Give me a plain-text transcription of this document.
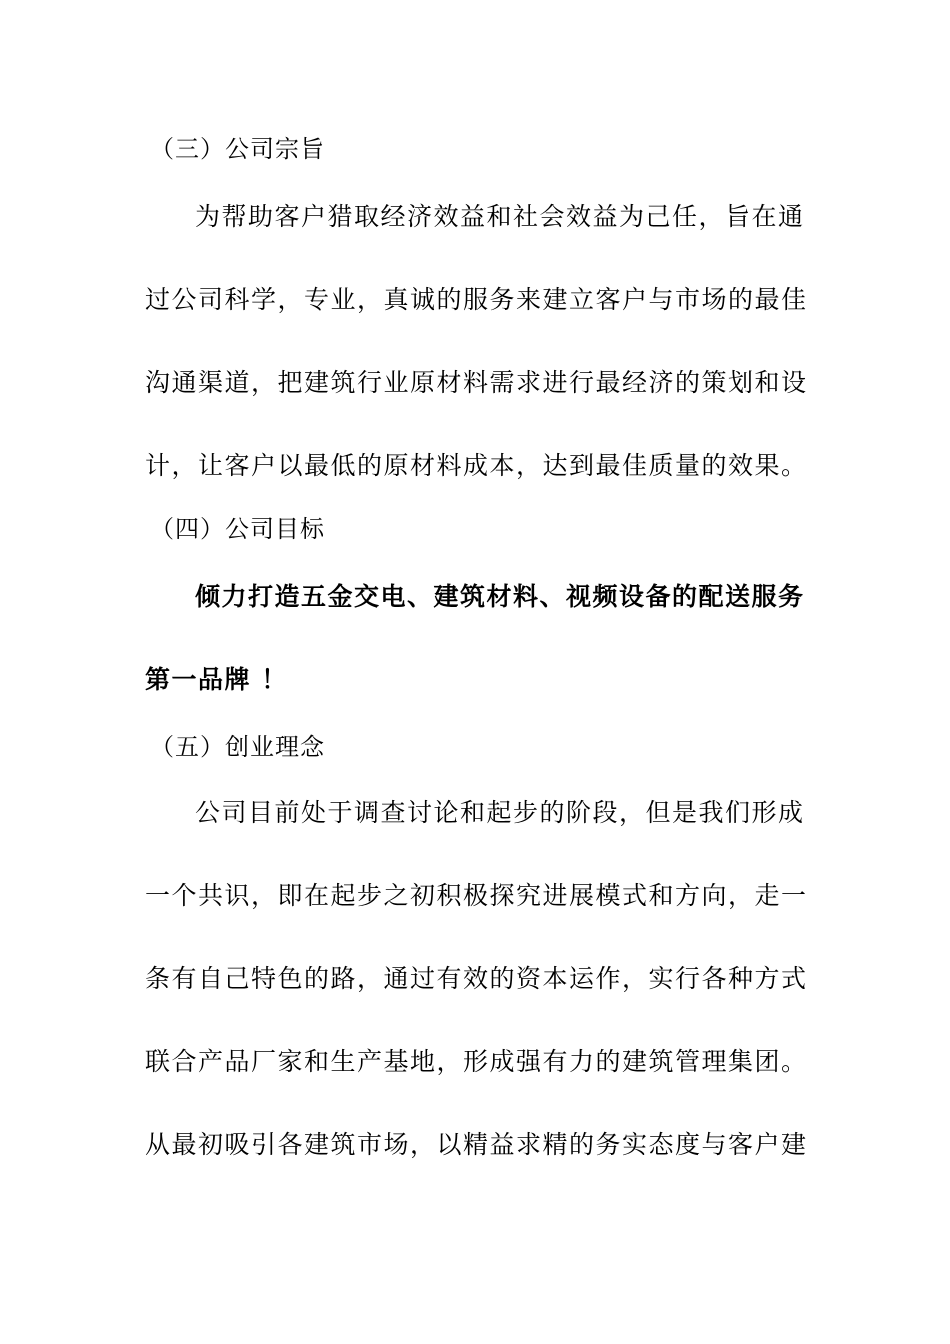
（三）公司宗旨
为帮助客户猎取经济效益和社会效益为己任，旨在通
过公司科学，专业，真诚的服务来建立客户与市场的最佳
沟通渠道，把建筑行业原材料需求进行最经济的策划和设
计，让客户以最低的原材料成本，达到最佳质量的效果。
（四）公司目标
倾力打造五金交电、建筑材料、视频设备的配送服务
第一品牌 ！
（五）创业理念
公司目前处于调查讨论和起步的阶段，但是我们形成
一个共识，即在起步之初积极探究进展模式和方向，走一
条有自己特色的路，通过有效的资本运作，实行各种方式
联合产品厂家和生产基地，形成强有力的建筑管理集团。
从最初吸引各建筑市场，以精益求精的务实态度与客户建
